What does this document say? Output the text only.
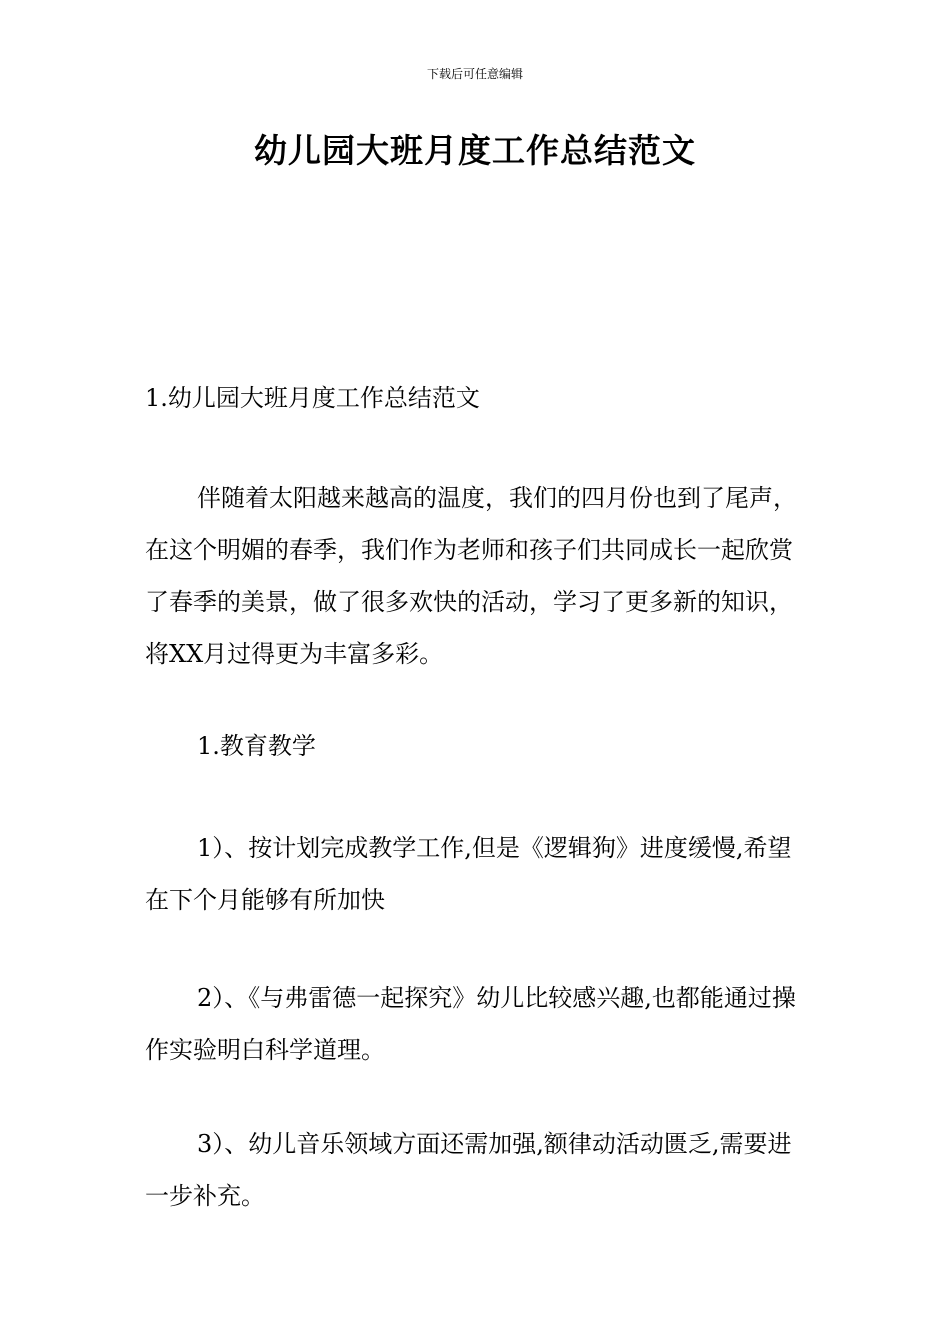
下载后可任意编辑
幼儿园大班月度工作总结范文

1.幼儿园大班月度工作总结范文

伴随着太阳越来越高的温度，我们的四月份也到了尾声，在这个明媚的春季，我们作为老师和孩子们共同成长一起欣赏了春季的美景，做了很多欢快的活动，学习了更多新的知识，将XX月过得更为丰富多彩。

1.教育教学

1）、按计划完成教学工作,但是《逻辑狗》进度缓慢,希望在下个月能够有所加快

2）、《与弗雷德一起探究》幼儿比较感兴趣,也都能通过操作实验明白科学道理。

3）、幼儿音乐领域方面还需加强,额律动活动匮乏,需要进一步补充。
